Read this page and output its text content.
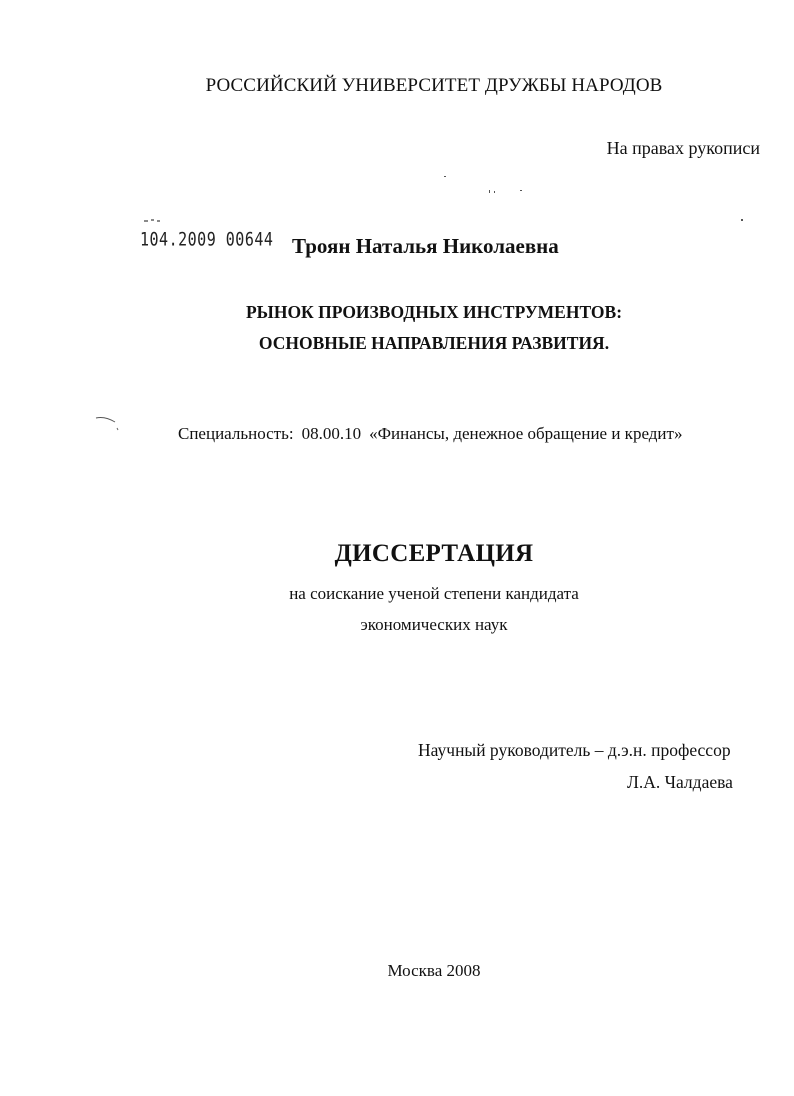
РОССИЙСКИЙ УНИВЕРСИТЕТ ДРУЖБЫ НАРОДОВ
На правах рукописи
104.2009 00644 Троян Наталья Николаевна
РЫНОК ПРОИЗВОДНЫХ ИНСТРУМЕНТОВ:
ОСНОВНЫЕ НАПРАВЛЕНИЯ РАЗВИТИЯ.
Специальность: 08.00.10 «Финансы, денежное обращение и кредит»
ДИССЕРТАЦИЯ
на соискание ученой степени кандидата
экономических наук
Научный руководитель – д.э.н. профессор
Л.А. Чалдаева
Москва 2008
